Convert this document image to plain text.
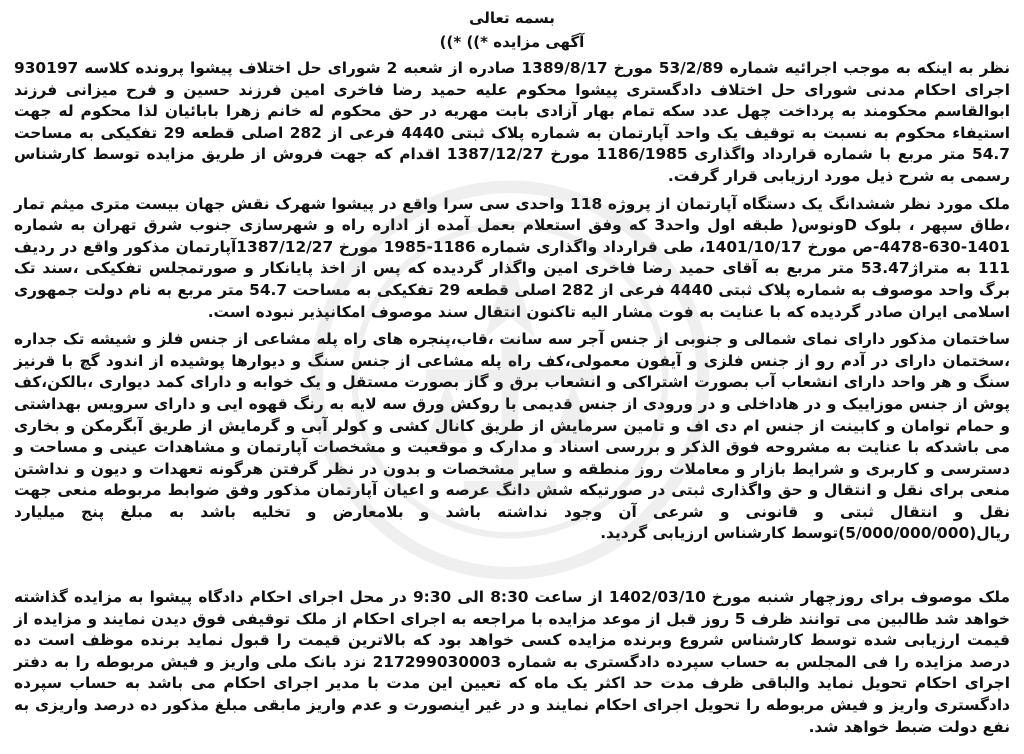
بسمه تعالی

آگهی مزایده *)) *))

نظر به اینکه به موجب اجرائیه شماره 53/2/89 مورخ 1389/8/17 صادره از شعبه 2 شورای حل اختلاف پیشوا پرونده کلاسه 930197 اجرای احکام مدنی شورای حل اختلاف دادگستری پیشوا محکوم علیه حمید رضا فاخری امین فرزند حسین و فرح میزانی فرزند ابوالقاسم محکومند به پرداخت چهل عدد سکه تمام بهار آزادی بابت مهریه در حق محکوم له خانم زهرا بابائیان لذا محکوم له جهت استیفاء محکوم به نسبت به توقیف یک واحد آپارتمان به شماره پلاک ثبتی 4440 فرعی از 282 اصلی قطعه 29 تفکیکی به مساحت 54.7 متر مربع با شماره قرارداد واگذاری 1186/1985 مورخ 1387/12/27 اقدام که جهت فروش از طریق مزایده توسط کارشناس رسمی به شرح ذیل مورد ارزیابی قرار گرفت.

ملک مورد نظر ششدانگ یک دستگاه آپارتمان از پروژه 118 واحدی سی سرا واقع در پیشوا شهرک نقش جهان بیست متری میثم تمار ،طاق سپهر ، بلوک Dونوس( طبقه اول واحد3 که وفق استعلام بعمل آمده از اداره راه و شهرسازی جنوب شرق تهران به شماره 1401-630-4478-ص مورخ 1401/10/17، طی قرارداد واگذاری شماره 1186-1985 مورخ 1387/12/27آپارتمان مذکور واقع در ردیف 111 به متراژ53.47 متر مربع به آقای حمید رضا فاخری امین واگذار گردیده که پس از اخذ پایانکار و صورتمجلس تفکیکی ،سند تک برگ واحد موصوف به شماره پلاک ثبتی 4440 فرعی از 282 اصلی قطعه 29 تفکیکی به مساحت 54.7 متر مربع به نام دولت جمهوری اسلامی ایران صادر گردیده که با عنایت به فوت مشار الیه تاکنون انتقال سند موصوف امکانپذیر نبوده است.

ساختمان مذکور دارای نمای شمالی و جنوبی از جنس آجر سه سانت ،قاب،پنجره های راه پله مشاعی از جنس فلز و شیشه تک جداره ،سختمان دارای در آدم رو از جنس فلزی و آیفون معمولی،کف راه پله مشاعی از جنس سنگ و دیوارها پوشیده از اندود گچ با قرنیز سنگ و هر واحد دارای انشعاب آب بصورت اشتراکی و انشعاب برق و گاز بصورت مستقل و یک خوابه و دارای کمد دیواری ،بالکن،کف پوش از جنس موزاییک و در هاداخلی و در ورودی از جنس قدیمی با روکش ورق سه لایه به رنگ قهوه ایی و دارای سرویس بهداشتی و حمام توامان و کابینت از جنس ام دی اف و تامین سرمایش از طریق کانال کشی و کولر آبی و گرمایش از طریق آبگرمکن و بخاری می باشدکه با عنایت به مشروحه فوق الذکر و بررسی اسناد و مدارک و موقعیت و مشخصات آپارتمان و مشاهدات عینی و مساحت و دسترسی و کاربری و شرایط بازار و معاملات روز منطقه و سایر مشخصات و بدون در نظر گرفتن هرگونه تعهدات و دیون و نداشتن منعی برای نقل و انتقال و حق واگذاری ثبتی در صورتیکه شش دانگ عرصه و اعیان آپارتمان مذکور وفق ضوابط مربوطه منعی جهت نقل و انتقال ثبتی و قانونی و شرعی آن وجود نداشته باشد و بلامعارض و تخلیه باشد به مبلغ پنج میلیارد ریال(5/000/000/000)توسط کارشناس ارزیابی گردید.

ملک موصوف برای روزچهار شنبه مورخ 1402/03/10 از ساعت 8:30 الی 9:30 در محل اجرای احکام دادگاه پیشوا به مزایده گذاشته خواهد شد طالبین می توانند ظرف 5 روز قبل از موعد مزایده با مراجعه به اجرای احکام از ملک توقیفی فوق دیدن نمایند و مزایده از قیمت ارزیابی شده توسط کارشناس شروع وبرنده مزایده کسی خواهد بود که بالاترین قیمت را قبول نماید برنده موظف است ده درصد مزایده را فی المجلس به حساب سپرده دادگستری به شماره 217299030003 نزد بانک ملی واریز و فیش مربوطه را به دفتر اجرای احکام تحویل نماید والباقی ظرف مدت حد اکثر یک ماه که تعیین این مدت با مدیر اجرای احکام می باشد به حساب سپرده دادگستری واریز و فیش مربوطه را تحویل اجرای احکام نمایند و در غیر اینصورت و عدم واریز مابقی مبلغ مذکور ده درصد واریزی به نفع دولت ضبط خواهد شد.
